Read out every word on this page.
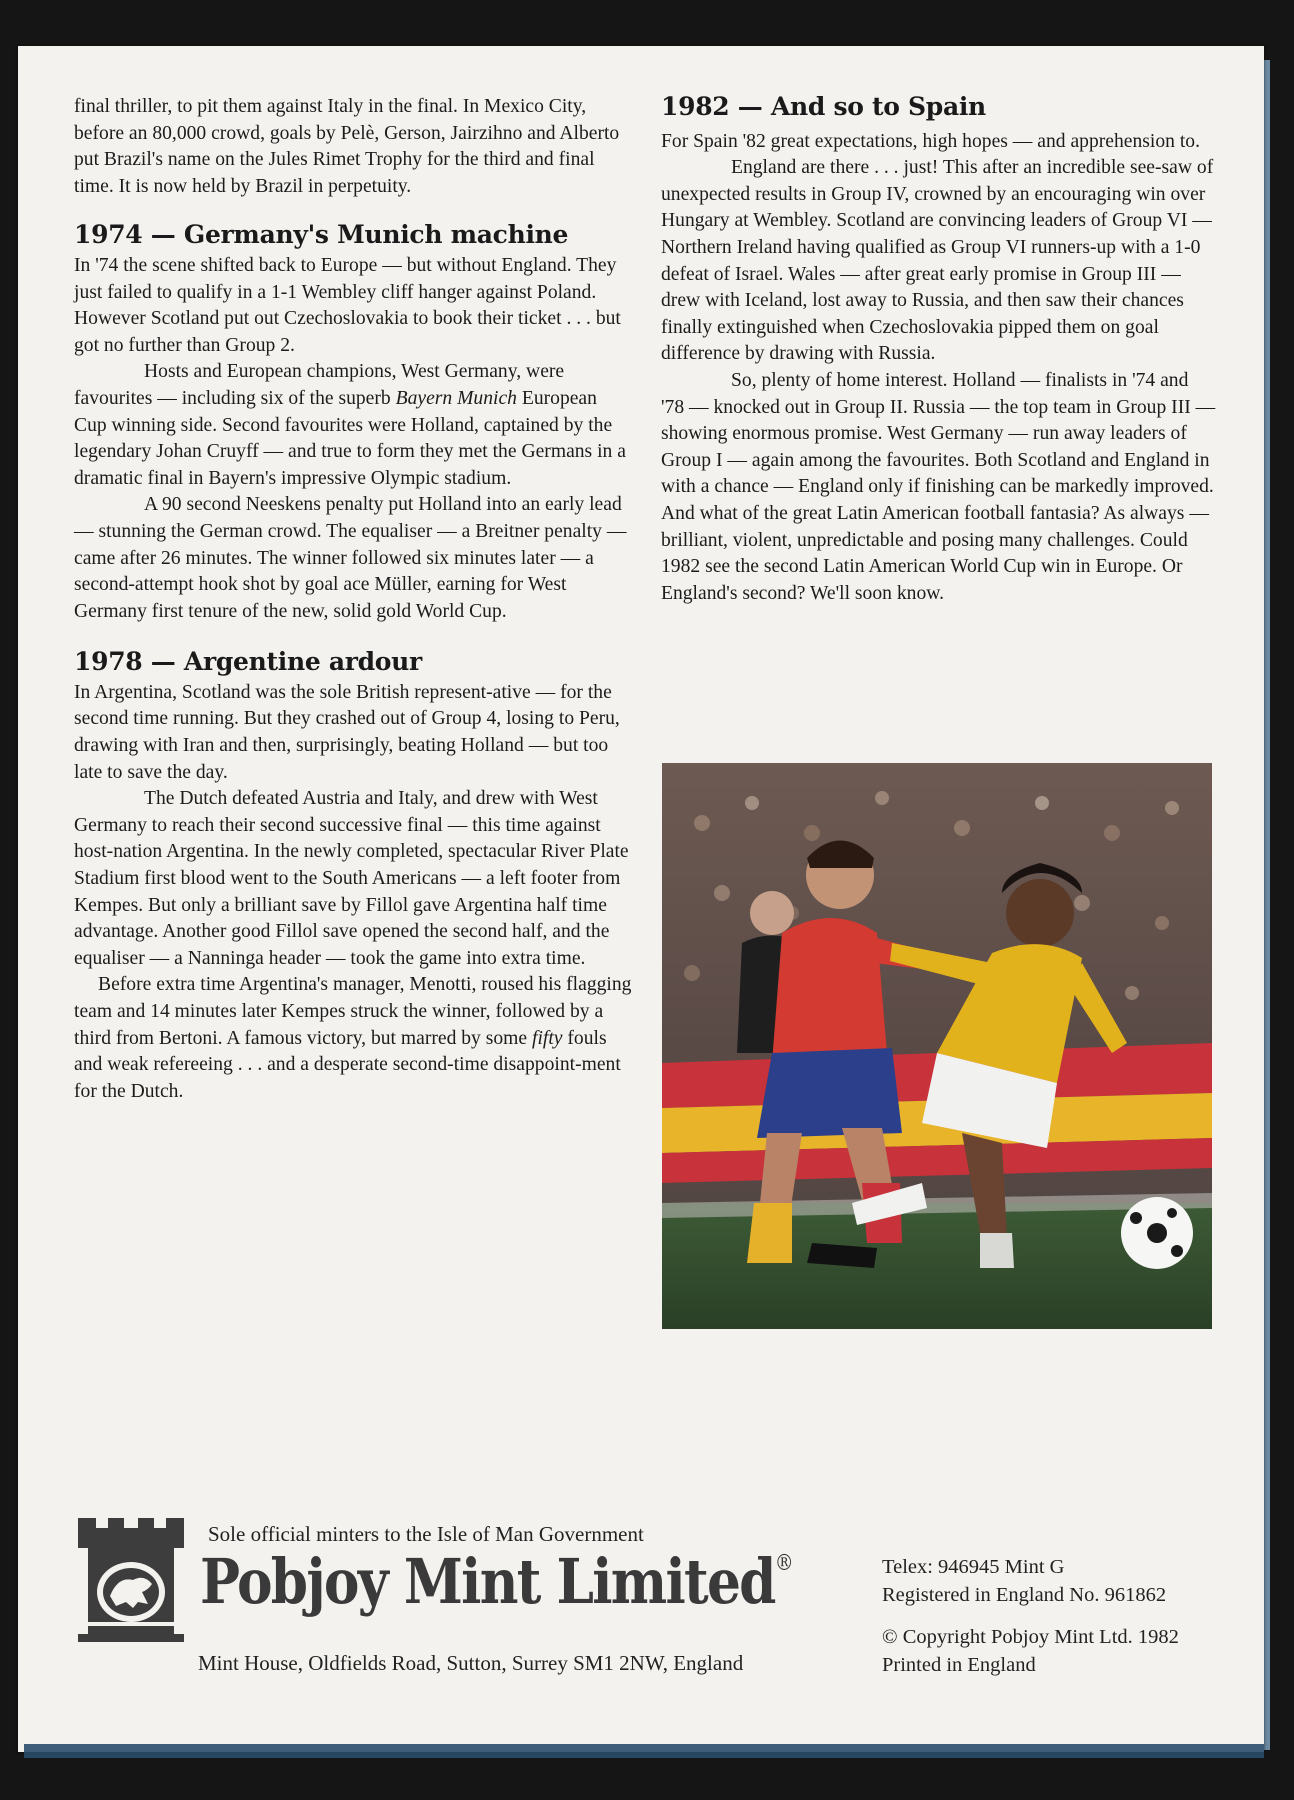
final thriller, to pit them against Italy in the final. In Mexico City, before an 80,000 crowd, goals by Pelè, Gerson, Jairzihno and Alberto put Brazil's name on the Jules Rimet Trophy for the third and final time. It is now held by Brazil in perpetuity.

1974 — Germany's Munich machine

In '74 the scene shifted back to Europe — but without England. They just failed to qualify in a 1-1 Wembley cliff hanger against Poland. However Scotland put out Czechoslovakia to book their ticket . . . but got no further than Group 2.

Hosts and European champions, West Germany, were favourites — including six of the superb Bayern Munich European Cup winning side. Second favourites were Holland, captained by the legendary Johan Cruyff — and true to form they met the Germans in a dramatic final in Bayern's impressive Olympic stadium.

A 90 second Neeskens penalty put Holland into an early lead — stunning the German crowd. The equaliser — a Breitner penalty — came after 26 minutes. The winner followed six minutes later — a second-attempt hook shot by goal ace Müller, earning for West Germany first tenure of the new, solid gold World Cup.

1978 — Argentine ardour

In Argentina, Scotland was the sole British represent-ative — for the second time running. But they crashed out of Group 4, losing to Peru, drawing with Iran and then, surprisingly, beating Holland — but too late to save the day.

The Dutch defeated Austria and Italy, and drew with West Germany to reach their second successive final — this time against host-nation Argentina. In the newly completed, spectacular River Plate Stadium first blood went to the South Americans — a left footer from Kempes. But only a brilliant save by Fillol gave Argentina half time advantage. Another good Fillol save opened the second half, and the equaliser — a Nanninga header — took the game into extra time.

Before extra time Argentina's manager, Menotti, roused his flagging team and 14 minutes later Kempes struck the winner, followed by a third from Bertoni. A famous victory, but marred by some fifty fouls and weak refereeing . . . and a desperate second-time disappoint-ment for the Dutch.

1982 — And so to Spain

For Spain '82 great expectations, high hopes — and apprehension to.

England are there . . . just! This after an incredible see-saw of unexpected results in Group IV, crowned by an encouraging win over Hungary at Wembley. Scotland are convincing leaders of Group VI — Northern Ireland having qualified as Group VI runners-up with a 1-0 defeat of Israel. Wales — after great early promise in Group III — drew with Iceland, lost away to Russia, and then saw their chances finally extinguished when Czechoslovakia pipped them on goal difference by drawing with Russia.

So, plenty of home interest. Holland — finalists in '74 and '78 — knocked out in Group II. Russia — the top team in Group III — showing enormous promise. West Germany — run away leaders of Group I — again among the favourites. Both Scotland and England in with a chance — England only if finishing can be markedly improved. And what of the great Latin American football fantasia? As always — brilliant, violent, unpredictable and posing many challenges. Could 1982 see the second Latin American World Cup win in Europe. Or England's second? We'll soon know.

Sole official minters to the Isle of Man Government
Pobjoy Mint Limited®
Mint House, Oldfields Road, Sutton, Surrey SM1 2NW, England
Telex: 946945 Mint G
Registered in England No. 961862
© Copyright Pobjoy Mint Ltd. 1982
Printed in England
